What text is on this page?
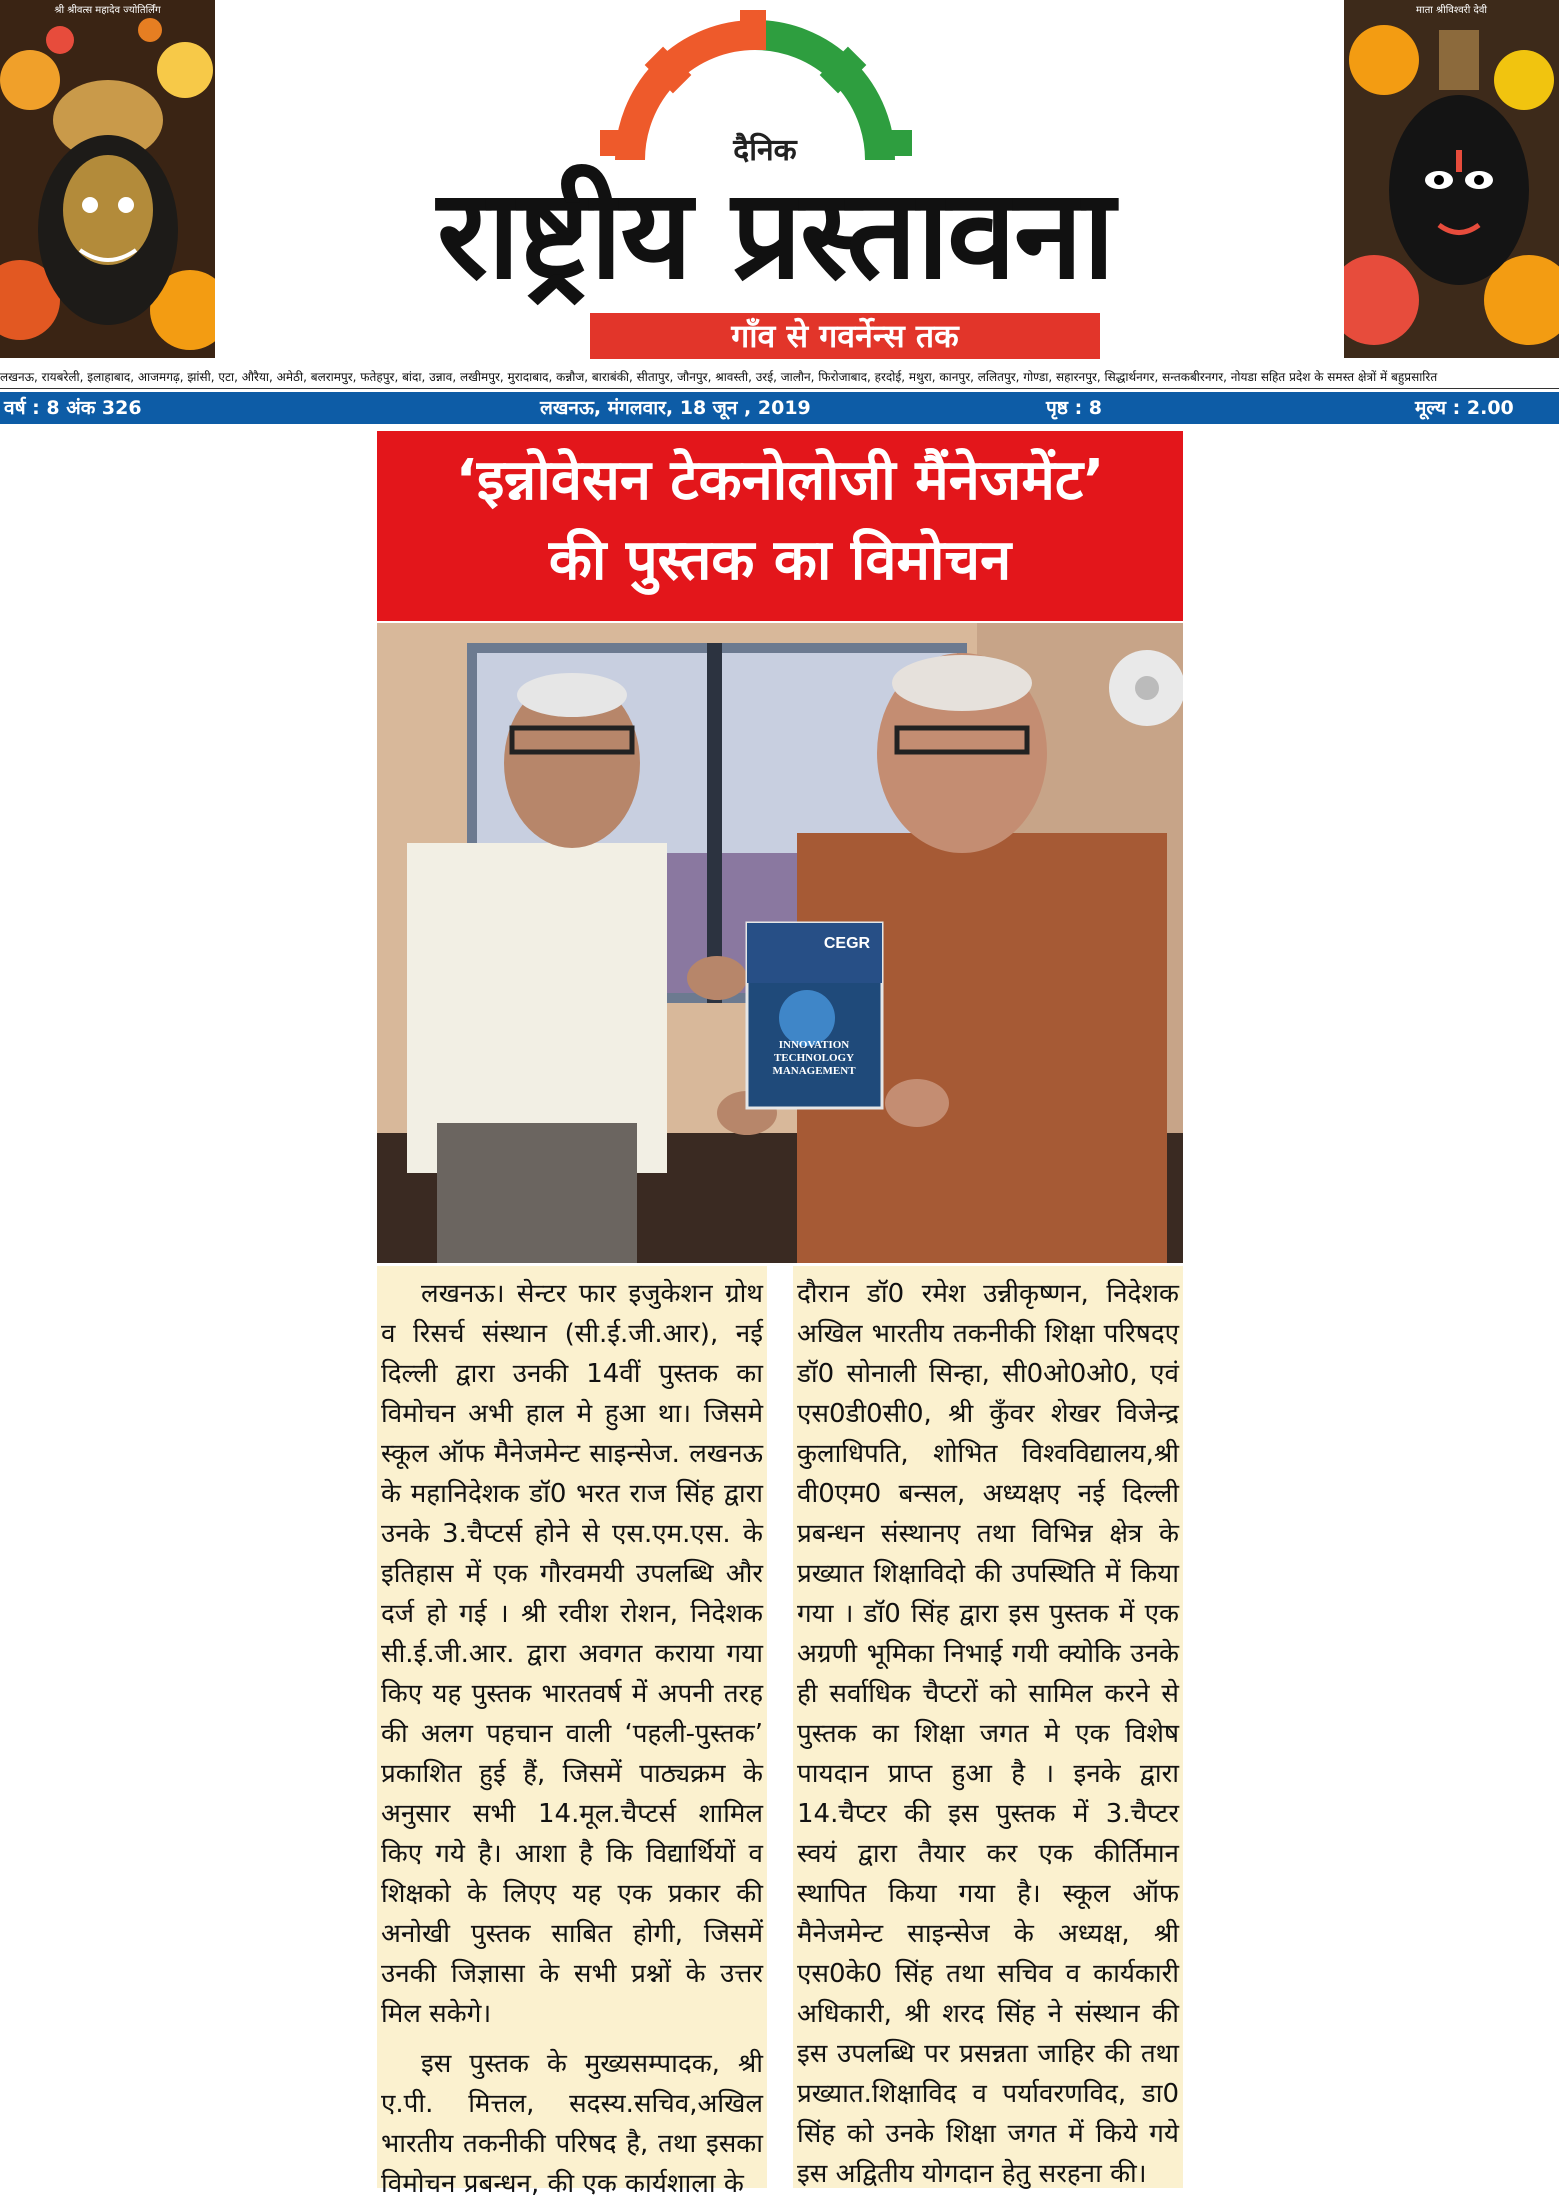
श्री श्रीवत्स महादेव ज्योतिर्लिंग	माता श्रीविश्वरी देवी
दैनिक
राष्ट्रीय प्रस्तावना
गाँव से गवर्नेन्स तक
लखनऊ, रायबरेली, इलाहाबाद, आजमगढ़, झांसी, एटा, औरैया, अमेठी, बलरामपुर, फतेहपुर, बांदा, उन्नाव, लखीमपुर, मुरादाबाद, कन्नौज, बाराबंकी, सीतापुर, जौनपुर, श्रावस्ती, उरई, जालौन, फिरोजाबाद, हरदोई, मथुरा, कानपुर, ललितपुर, गोण्डा, सहारनपुर, सिद्धार्थनगर, सन्तकबीरनगर, नोयडा सहित प्रदेश के समस्त क्षेत्रों में बहुप्रसारित
वर्ष : 8 अंक 326	लखनऊ, मंगलवार, 18 जून , 2019	पृष्ठ : 8	मूल्य : 2.00
‘इन्नोवेसन टेकनोलोजी मैंनेजमेंट’
की पुस्तक का विमोचन
CEGR
INNOVATION
TECHNOLOGY
MANAGEMENT

लखनऊ। सेन्टर फार इजुकेशन ग्रोथ व रिसर्च संस्थान (सी.ई.जी.आर), नई दिल्ली द्वारा उनकी 14वीं पुस्तक का विमोचन अभी हाल मे हुआ था। जिसमे स्कूल ऑफ मैनेजमेन्ट साइन्सेज. लखनऊ के महानिदेशक डॉ0 भरत राज सिंह द्वारा उनके 3.चैप्टर्स होने से एस.एम.एस. के इतिहास में एक गौरवमयी उपलब्धि और दर्ज हो गई । श्री रवीश रोशन, निदेशक सी.ई.जी.आर. द्वारा अवगत कराया गया किए यह पुस्तक भारतवर्ष में अपनी तरह की अलग पहचान वाली ‘पहली-पुस्तक’ प्रकाशित हुई हैं, जिसमें पाठ्यक्रम के अनुसार सभी 14.मूल.चैप्टर्स शामिल किए गये है। आशा है कि विद्यार्थियों व शिक्षको के लिएए यह एक प्रकार की अनोखी पुस्तक साबित होगी, जिसमें उनकी जिज्ञासा के सभी प्रश्नों के उत्तर मिल सकेगे।

इस पुस्तक के मुख्यसम्पादक, श्री ए.पी. मित्तल, सदस्य.सचिव,अखिल भारतीय तकनीकी परिषद है, तथा इसका विमोचन प्रबन्धन, की एक कार्यशाला के

दौरान डॉ0 रमेश उन्नीकृष्णन, निदेशक अखिल भारतीय तकनीकी शिक्षा परिषदए डॉ0 सोनाली सिन्हा, सी0ओ0ओ0, एवं एस0डी0सी0, श्री कुँवर शेखर विजेन्द्र कुलाधिपति, शोभित विश्वविद्यालय,श्री वी0एम0 बन्सल, अध्यक्षए नई दिल्ली प्रबन्धन संस्थानए तथा विभिन्न क्षेत्र के प्रख्यात शिक्षाविदो की उपस्थिति में किया गया । डॉ0 सिंह द्वारा इस पुस्तक में एक अग्रणी भूमिका निभाई गयी क्योकि उनके ही सर्वाधिक चैप्टरों को सामिल करने से पुस्तक का शिक्षा जगत मे एक विशेष पायदान प्राप्त हुआ है । इनके द्वारा 14.चैप्टर की इस पुस्तक में 3.चैप्टर स्वयं द्वारा तैयार कर एक कीर्तिमान स्थापित किया गया है। स्कूल ऑफ मैनेजमेन्ट साइन्सेज के अध्यक्ष, श्री एस0के0 सिंह तथा सचिव व कार्यकारी अधिकारी, श्री शरद सिंह ने संस्थान की इस उपलब्धि पर प्रसन्नता जाहिर की तथा प्रख्यात.शिक्षाविद व पर्यावरणविद, डा0 सिंह को उनके शिक्षा जगत में किये गये इस अद्वितीय योगदान हेतु सरहना की।
